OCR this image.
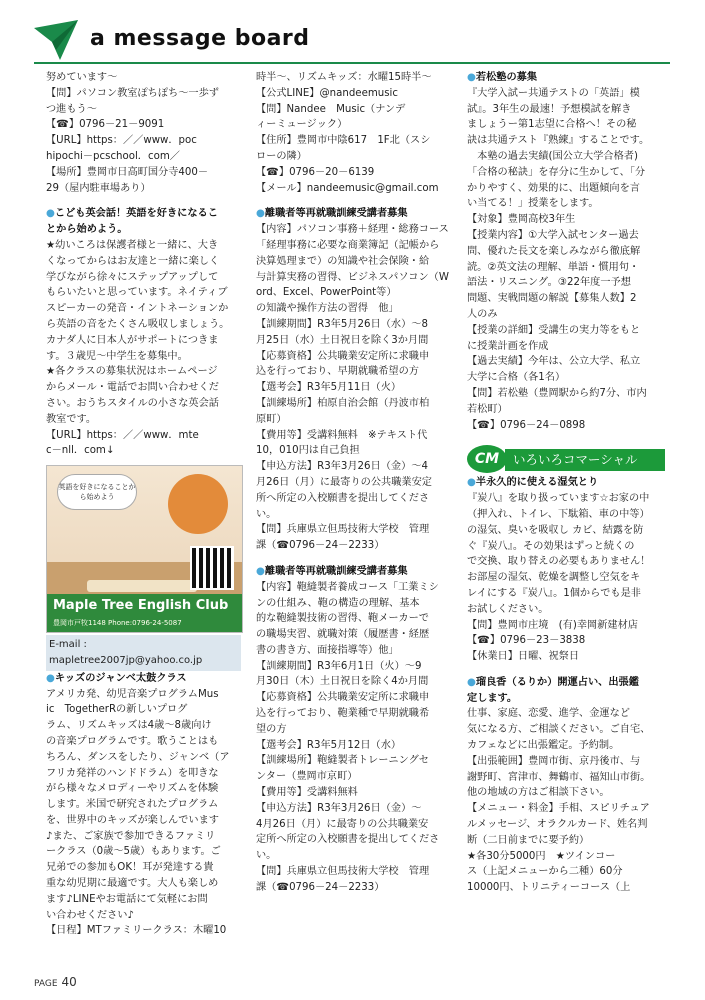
a message board

努めています～

【問】パソコン教室ぽちぽち～一歩ず

つ進もう～

【☎】0796－21－9091

【URL】https：／／www．poc

hipochi－pcschool．com／

【場所】豊岡市日高町国分寺400－

29（屋内駐車場あり）

●こども英会話！英語を好きになるこ

とから始めよう。

★幼いころは保護者様と一緒に、大き

くなってからはお友達と一緒に楽しく

学びながら徐々にステップアップして

もらいたいと思っています。ネイティブ

スピーカーの発音・イントネーションか

ら英語の音をたくさん吸収しましょう。

カナダ人に日本人がサポートにつきま

す。３歳児～中学生を募集中。

★各クラスの募集状況はホームページ

からメール・電話でお問い合わせくだ

さい。おうちスタイルの小さな英会話

教室です。

【URL】https：／／www．mte

c－nll．com↓

英語を好きになることから始めよう
Maple Tree English Club
豊岡市戸牧1148 Phone:0796-24-5087
E-mail : mapletree2007jp@yahoo.co.jp

●キッズのジャンベ太鼓クラス

アメリカ発、幼児音楽プログラムMus

ic　TogetherRの新しいプログ

ラム、リズムキッズは4歳～8歳向け

の音楽プログラムです。歌うことはも

ちろん、ダンスをしたり、ジャンベ（ア

フリカ発祥のハンドドラム）を叩きな

がら様々なメロディーやリズムを体験

します。米国で研究されたプログラム

を、世界中のキッズが楽しんでいます

♪また、ご家族で参加できるファミリ

ークラス（0歳～5歳）もあります。ご

兄弟での参加もOK！耳が発達する貴

重な幼児期に最適です。大人も楽しめ

ます♪LINEやお電話にて気軽にお問

い合わせください♪

【日程】MTファミリークラス：木曜10

時半～、リズムキッズ：水曜15時半～

【公式LINE】@nandeemusic

【問】Nandee　Music（ナンデ

ィーミュージック）

【住所】豊岡市中陰617　1F北（スシ

ローの隣）

【☎】0796－20－6139

【メール】nandeemusic@gmail.com

●離職者等再就職訓練受講者募集

【内容】パソコン事務＋経理・総務コース

「経理事務に必要な商業簿記（記帳から

決算処理まで）の知識や社会保険・給

与計算実務の習得、ビジネスパソコン（W

ord、Excel、PowerPoint等）

の知識や操作方法の習得　他」

【訓練期間】R3年5月26日（水）～8

月25日（水）土日祝日を除く3か月間

【応募資格】公共職業安定所に求職申

込を行っており、早期就職希望の方

【選考会】R3年5月11日（火）

【訓練場所】柏原自治会館（丹波市柏

原町）

【費用等】受講料無料　※テキスト代

10，010円は自己負担

【申込方法】R3年3月26日（金）～4

月26日（月）に最寄りの公共職業安定

所へ所定の入校願書を提出してくださ

い。

【問】兵庫県立但馬技術大学校　管理

課（☎0796－24－2233）

●離職者等再就職訓練受講者募集

【内容】鞄縫製者養成コース「工業ミシ

ンの仕組み、鞄の構造の理解、基本

的な鞄縫製技術の習得、鞄メーカーで

の職場実習、就職対策（履歴書・経歴

書の書き方、面接指導等）他」

【訓練期間】R3年6月1日（火）～9

月30日（木）土日祝日を除く4か月間

【応募資格】公共職業安定所に求職申

込を行っており、鞄業種で早期就職希

望の方

【選考会】R3年5月12日（水）

【訓練場所】鞄縫製者トレーニングセ

ンター（豊岡市京町）

【費用等】受講料無料

【申込方法】R3年3月26日（金）～

4月26日（月）に最寄りの公共職業安

定所へ所定の入校願書を提出してくださ

い。

【問】兵庫県立但馬技術大学校　管理

課（☎0796－24－2233）

●若松塾の募集

『大学入試ー共通テストの「英語」模

試』。3年生の最速！予想模試を解き

ましょうー第1志望に合格へ！その秘

訣は共通テスト『熟練』することです。

　本塾の過去実績(国公立大学合格者)

「合格の秘訣」を存分に生かして、「分

かりやすく、効果的に、出題傾向を言

い当てる！」授業をします。

【対象】豊岡高校3年生

【授業内容】①大学入試センター過去

問、優れた長文を楽しみながら徹底解

読。②英文法の理解、単語・慣用句・

語法・リスニング。③22年度一予想

問題、実戦問題の解説【募集人数】2

人のみ

【授業の詳細】受講生の実力等をもと

に授業計画を作成

【過去実績】今年は、公立大学、私立

大学に合格（各1名）

【問】若松塾（豊岡駅から約7分、市内

若松町）

【☎】0796－24－0898

CM	いろいろコマーシャル

●半永久的に使える湿気とり

『炭八』を取り扱っています☆お家の中

（押入れ、トイレ、下駄箱、車の中等）

の湿気、臭いを吸収し カビ、結露を防

ぐ『炭八』。その効果はずっと続くの

で交換、取り替えの必要もありません！

お部屋の湿気、乾燥を調整し空気をキ

レイにする『炭八』。1個からでも是非

お試しください。

【問】豊岡市庄境　(有)幸岡新建材店

【☎】0796－23－3838

【休業日】日曜、祝祭日

●瑠良香（るりか）開運占い、出張鑑

定します。

仕事、家庭、恋愛、進学、金運など

気になる方、ご相談ください。ご自宅、

カフェなどに出張鑑定。予約制。

【出張範囲】豊岡市街、京丹後市、与

謝野町、宮津市、舞鶴市、福知山市街。

他の地域の方はご相談下さい。

【メニュー・料金】手相、スピリチュア

ルメッセージ、オラクルカード、姓名判

断（二日前までに要予約）

★各30分5000円　★ツインコー

ス（上記メニューから二種）60分

10000円、トリニティーコース（上

PAGE 40
